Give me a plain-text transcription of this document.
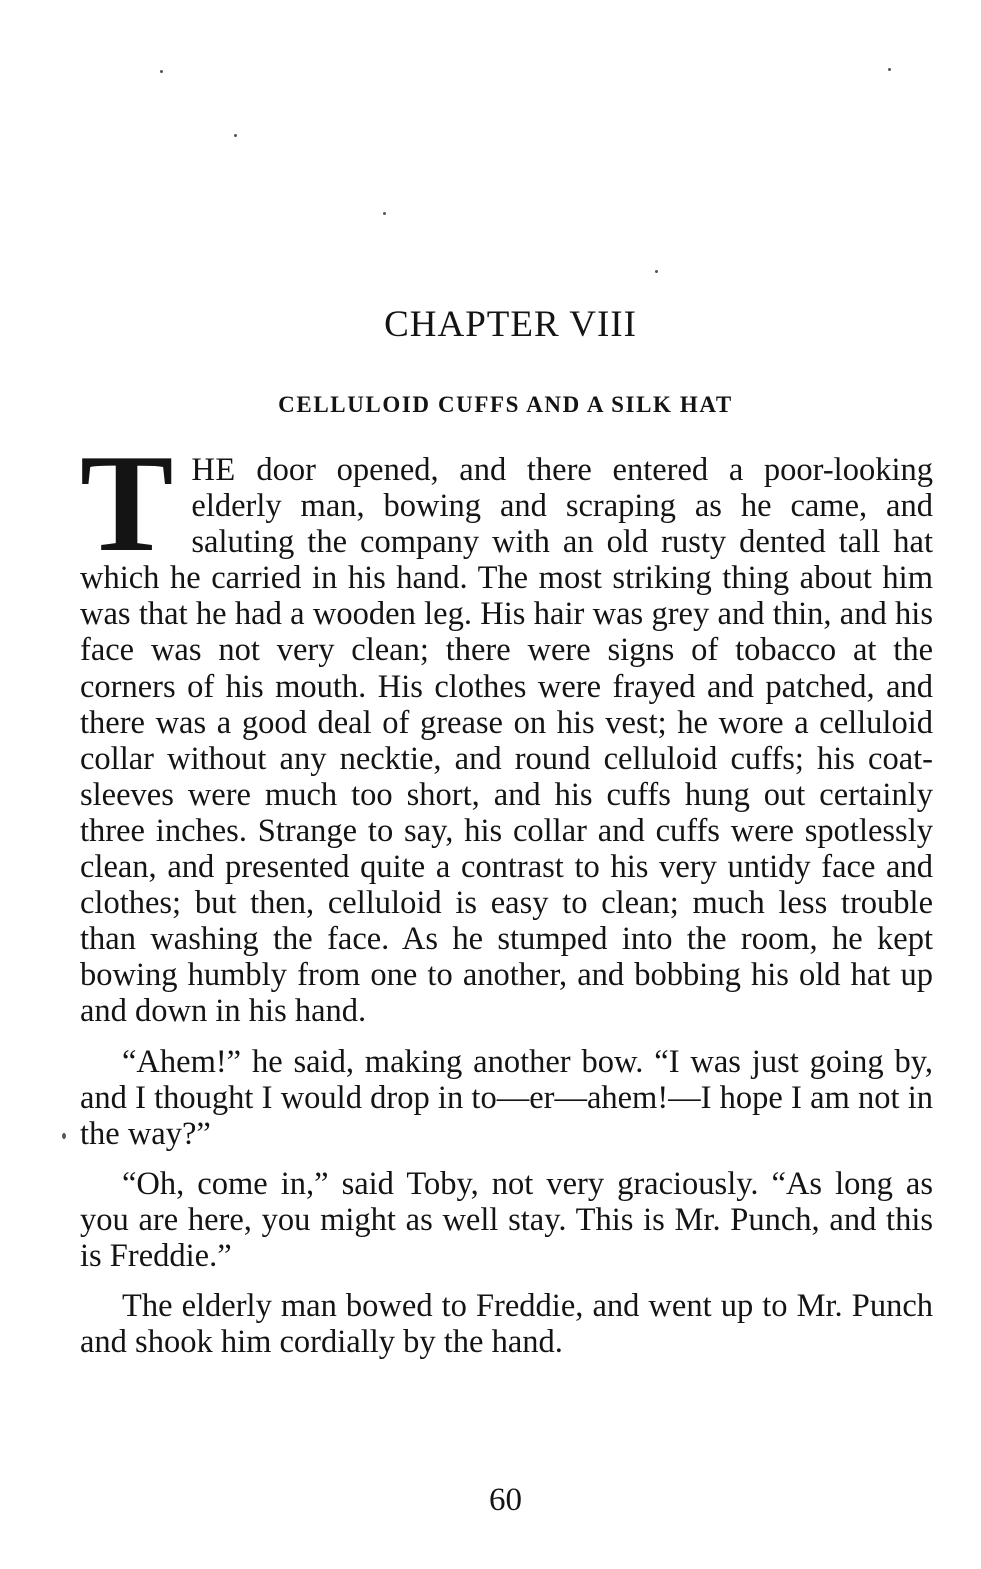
CHAPTER VIII
CELLULOID CUFFS AND A SILK HAT

THE door opened, and there entered a poor-looking elderly man, bowing and scraping as he came, and saluting the company with an old rusty dented tall hat which he carried in his hand. The most striking thing about him was that he had a wooden leg. His hair was grey and thin, and his face was not very clean; there were signs of tobacco at the corners of his mouth. His clothes were frayed and patched, and there was a good deal of grease on his vest; he wore a celluloid collar without any necktie, and round celluloid cuffs; his coat-sleeves were much too short, and his cuffs hung out certainly three inches. Strange to say, his collar and cuffs were spotlessly clean, and presented quite a contrast to his very untidy face and clothes; but then, celluloid is easy to clean; much less trouble than washing the face. As he stumped into the room, he kept bowing humbly from one to another, and bobbing his old hat up and down in his hand.

“Ahem!” he said, making another bow. “I was just going by, and I thought I would drop in to—er—ahem!—I hope I am not in the way?”

“Oh, come in,” said Toby, not very graciously. “As long as you are here, you might as well stay. This is Mr. Punch, and this is Freddie.”

The elderly man bowed to Freddie, and went up to Mr. Punch and shook him cordially by the hand.

60
